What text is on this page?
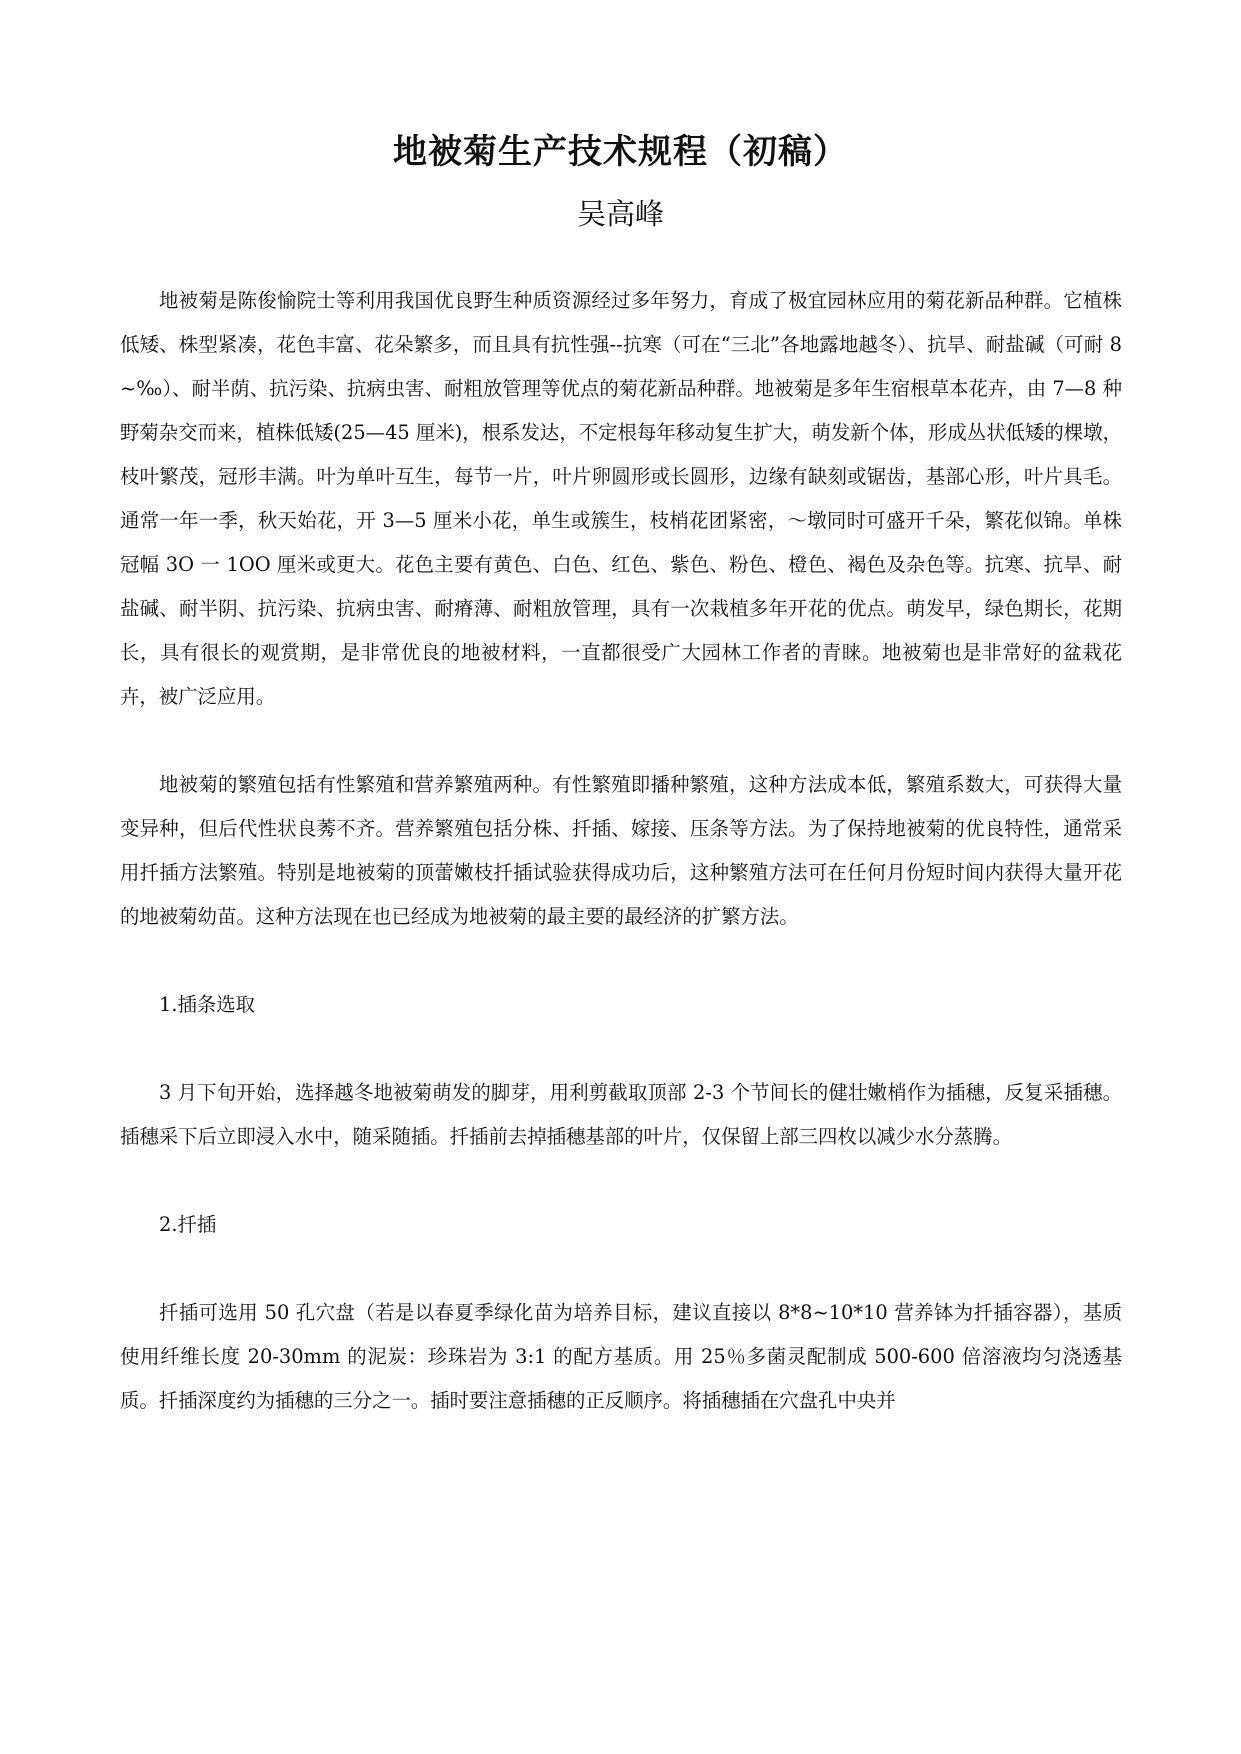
地被菊生产技术规程（初稿）
吴高峰

地被菊是陈俊愉院士等利用我国优良野生种质资源经过多年努力，育成了极宜园林应用的菊花新品种群。它植株低矮、株型紧凑，花色丰富、花朵繁多，而且具有抗性强--抗寒（可在“三北”各地露地越冬）、抗旱、耐盐碱（可耐 8~‰）、耐半荫、抗污染、抗病虫害、耐粗放管理等优点的菊花新品种群。地被菊是多年生宿根草本花卉，由 7—8 种野菊杂交而来，植株低矮(25—45 厘米)，根系发达，不定根每年移动复生扩大，萌发新个体，形成丛状低矮的棵墩，枝叶繁茂，冠形丰满。叶为单叶互生，每节一片，叶片卵圆形或长圆形，边缘有缺刻或锯齿，基部心形，叶片具毛。通常一年一季，秋天始花，开 3—5 厘米小花，单生或簇生，枝梢花团紧密，～墩同时可盛开千朵，繁花似锦。单株冠幅 3O 一 1OO 厘米或更大。花色主要有黄色、白色、红色、紫色、粉色、橙色、褐色及杂色等。抗寒、抗旱、耐盐碱、耐半阴、抗污染、抗病虫害、耐瘠薄、耐粗放管理，具有一次栽植多年开花的优点。萌发早，绿色期长，花期长，具有很长的观赏期，是非常优良的地被材料，一直都很受广大园林工作者的青睐。地被菊也是非常好的盆栽花卉，被广泛应用。

地被菊的繁殖包括有性繁殖和营养繁殖两种。有性繁殖即播种繁殖，这种方法成本低，繁殖系数大，可获得大量变异种，但后代性状良莠不齐。营养繁殖包括分株、扦插、嫁接、压条等方法。为了保持地被菊的优良特性，通常采用扦插方法繁殖。特别是地被菊的顶蕾嫩枝扦插试验获得成功后，这种繁殖方法可在任何月份短时间内获得大量开花的地被菊幼苗。这种方法现在也已经成为地被菊的最主要的最经济的扩繁方法。

1.插条选取

3 月下旬开始，选择越冬地被菊萌发的脚芽，用利剪截取顶部 2-3 个节间长的健壮嫩梢作为插穗，反复采插穗。插穗采下后立即浸入水中，随采随插。扦插前去掉插穗基部的叶片，仅保留上部三四枚以减少水分蒸腾。

2.扦插

扦插可选用 50 孔穴盘（若是以春夏季绿化苗为培养目标，建议直接以 8*8~10*10 营养钵为扦插容器），基质使用纤维长度 20-30mm 的泥炭：珍珠岩为 3:1 的配方基质。用 25％多菌灵配制成 500-600 倍溶液均匀浇透基质。扦插深度约为插穗的三分之一。插时要注意插穗的正反顺序。将插穗插在穴盘孔中央并
